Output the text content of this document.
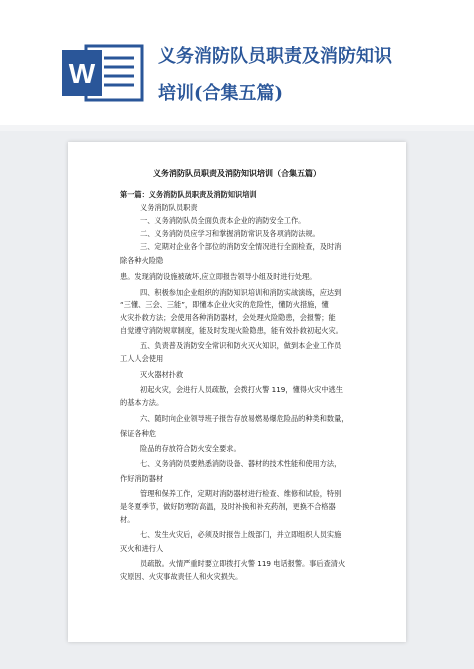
W

义务消防队员职责及消防知识

培训(合集五篇)

义务消防队员职责及消防知识培训（合集五篇）

第一篇：义务消防队员职责及消防知识培训

义务消防队员职责

一、义务消防队员全面负责本企业的消防安全工作。

二、义务消防员应学习和掌握消防常识及各项消防法规。

三、定期对企业各个部位的消防安全情况进行全面检查，及时消

除各种火险隐

患。发现消防设施被破坏,应立即报告领导小组及时进行处理。

四、积极参加企业组织的消防知识培训和消防实战演练，应达到

“三懂、三会、三能”，即懂本企业火灾的危险性，懂防火措施，懂

火灾扑救方法；会使用各种消防器材，会处理火险隐患，会报警；能

自觉遵守消防规章制度，能及时发现火险隐患，能有效扑救初起火灾。

五、负责普及消防安全常识和防火灭火知识，做到本企业工作员

工人人会使用

灭火器材扑救

初起火灾，会进行人员疏散，会拨打火警 119，懂得火灾中逃生

的基本方法。

六、随时向企业领导班子报告存放易燃易爆危险品的种类和数量，

保证各种危

险品的存放符合防火安全要求。

七、义务消防员要熟悉消防设备、器材的技术性能和使用方法，

作好消防器材

管理和保养工作，定期对消防器材进行检查、维修和试验，特别

是冬夏季节，做好防寒防高温，及时补换和补充药剂，更换不合格器

材。

七、发生火灾后，必须及时报告上级部门，并立即组织人员实施

灭火和进行人

员疏散。火情严重时要立即拨打火警 119 电话报警。事后查清火

灾原因、火灾事故责任人和火灾损失。
